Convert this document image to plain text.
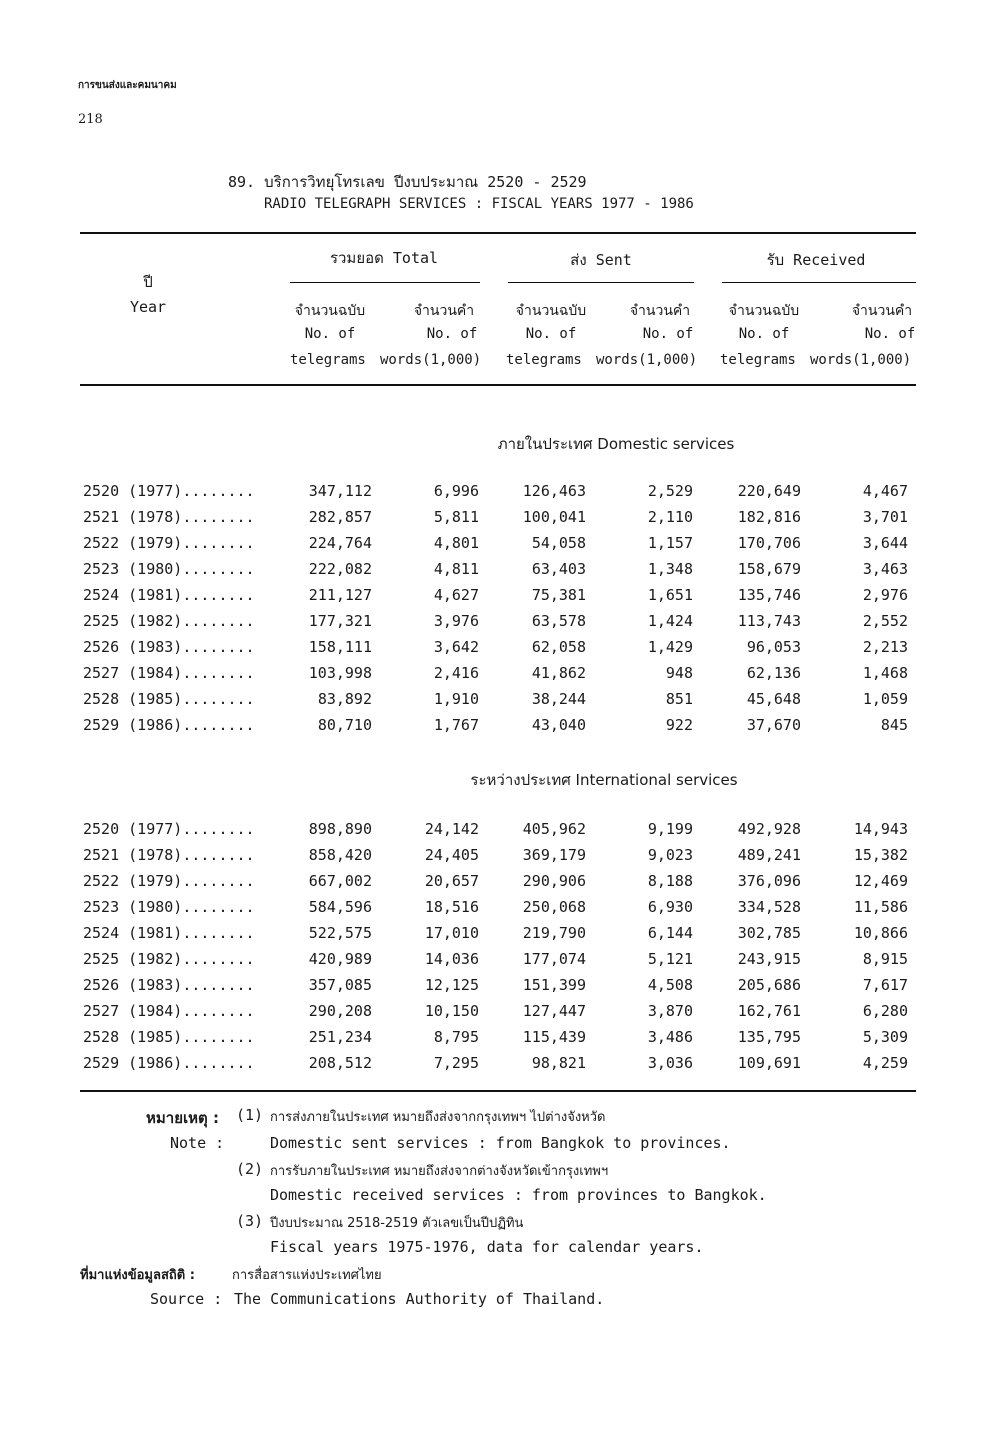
การขนส่งและคมนาคม
218
89. บริการวิทยุโทรเลข ปีงบประมาณ 2520 - 2529
RADIO TELEGRAPH SERVICES : FISCAL YEARS 1977 - 1986
ปี
Year
รวมยอด Total	ส่ง Sent	รับ Received
จำนวนฉบับ	จำนวนคำ	จำนวนฉบับ	จำนวนคำ	จำนวนฉบับ	จำนวนคำ
No. of	No. of	No. of	No. of	No. of	No. of
telegrams words(1,000) telegrams words(1,000) telegrams words(1,000)
ภายในประเทศ Domestic services
2520 (1977)........	347,112	6,996	126,463	2,529	220,649	4,467
2521 (1978)........	282,857	5,811	100,041	2,110	182,816	3,701
2522 (1979)........	224,764	4,801	54,058	1,157	170,706	3,644
2523 (1980)........	222,082	4,811	63,403	1,348	158,679	3,463
2524 (1981)........	211,127	4,627	75,381	1,651	135,746	2,976
2525 (1982)........	177,321	3,976	63,578	1,424	113,743	2,552
2526 (1983)........	158,111	3,642	62,058	1,429	96,053	2,213
2527 (1984)........	103,998	2,416	41,862	948	62,136	1,468
2528 (1985)........	83,892	1,910	38,244	851	45,648	1,059
2529 (1986)........	80,710	1,767	43,040	922	37,670	845
ระหว่างประเทศ International services
2520 (1977)........	898,890	24,142	405,962	9,199	492,928	14,943
2521 (1978)........	858,420	24,405	369,179	9,023	489,241	15,382
2522 (1979)........	667,002	20,657	290,906	8,188	376,096	12,469
2523 (1980)........	584,596	18,516	250,068	6,930	334,528	11,586
2524 (1981)........	522,575	17,010	219,790	6,144	302,785	10,866
2525 (1982)........	420,989	14,036	177,074	5,121	243,915	8,915
2526 (1983)........	357,085	12,125	151,399	4,508	205,686	7,617
2527 (1984)........	290,208	10,150	127,447	3,870	162,761	6,280
2528 (1985)........	251,234	8,795	115,439	3,486	135,795	5,309
2529 (1986)........	208,512	7,295	98,821	3,036	109,691	4,259
หมายเหตุ : (1) การส่งภายในประเทศ หมายถึงส่งจากกรุงเทพฯ ไปต่างจังหวัด
Note :	Domestic sent services : from Bangkok to provinces.
(2) การรับภายในประเทศ หมายถึงส่งจากต่างจังหวัดเข้ากรุงเทพฯ
Domestic received services : from provinces to Bangkok.
(3) ปีงบประมาณ 2518-2519 ตัวเลขเป็นปีปฏิทิน
Fiscal years 1975-1976, data for calendar years.
ที่มาแห่งข้อมูลสถิติ :	การสื่อสารแห่งประเทศไทย
Source : The Communications Authority of Thailand.
